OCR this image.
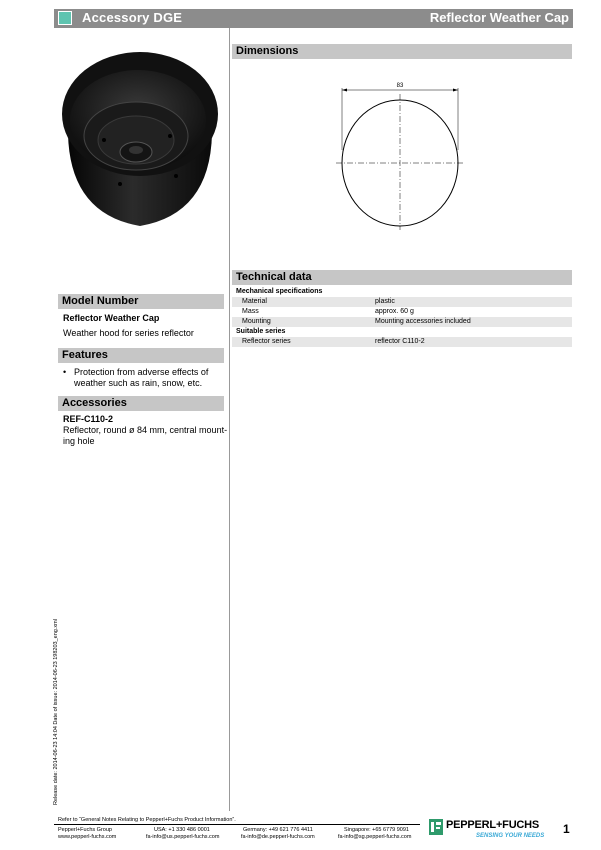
Accessory DGE	Reflector Weather Cap
Dimensions
83
Technical data
Mechanical specifications
Material	plastic
Mass	approx. 60 g
Mounting	Mounting accessories included
Suitable series
Reflector series	reflector C110-2
Model Number
Reflector Weather Cap
Weather hood for series reflector
Features
• Protection from adverse effects of
weather such as rain, snow, etc.
Accessories
REF-C110-2
Reflector, round ø 84 mm, central mount-
ing hole
Release date: 2014-06-23 14:04 Date of issue: 2014-06-23 198203_eng.xml
Refer to “General Notes Relating to Pepperl+Fuchs Product Information”.
Pepperl+Fuchs Group
www.pepperl-fuchs.com
USA: +1 330 486 0001
fa-info@us.pepperl-fuchs.com
Germany: +49 621 776 4411
fa-info@de.pepperl-fuchs.com
Singapore: +65 6779 9091
fa-info@sg.pepperl-fuchs.com
PEPPERL+FUCHS
SENSING YOUR NEEDS 1
